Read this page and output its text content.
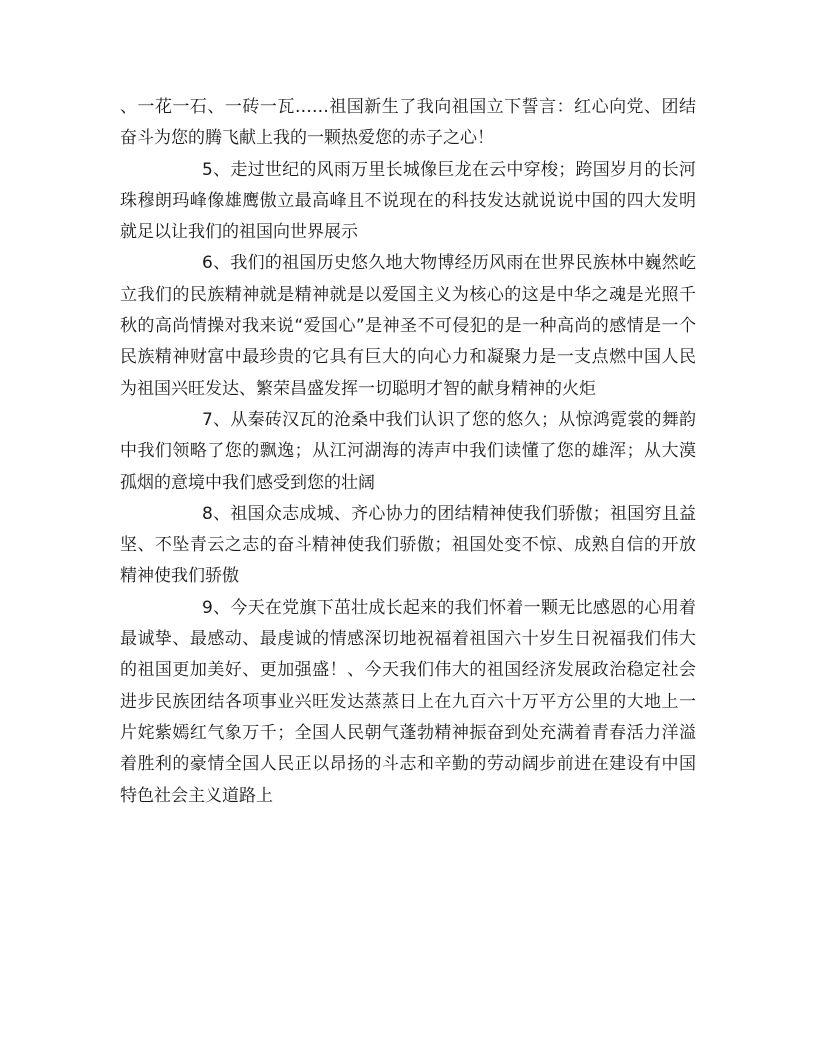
、一花一石、一砖一瓦……祖国新生了我向祖国立下誓言：红心向党、团结奋斗为您的腾飞献上我的一颗热爱您的赤子之心！

5、走过世纪的风雨万里长城像巨龙在云中穿梭；跨国岁月的长河珠穆朗玛峰像雄鹰傲立最高峰且不说现在的科技发达就说说中国的四大发明就足以让我们的祖国向世界展示

6、我们的祖国历史悠久地大物博经历风雨在世界民族林中巍然屹立我们的民族精神就是精神就是以爱国主义为核心的这是中华之魂是光照千秋的高尚情操对我来说“爱国心”是神圣不可侵犯的是一种高尚的感情是一个民族精神财富中最珍贵的它具有巨大的向心力和凝聚力是一支点燃中国人民为祖国兴旺发达、繁荣昌盛发挥一切聪明才智的献身精神的火炬

7、从秦砖汉瓦的沧桑中我们认识了您的悠久；从惊鸿霓裳的舞韵中我们领略了您的飘逸；从江河湖海的涛声中我们读懂了您的雄浑；从大漠孤烟的意境中我们感受到您的壮阔

8、祖国众志成城、齐心协力的团结精神使我们骄傲；祖国穷且益坚、不坠青云之志的奋斗精神使我们骄傲；祖国处变不惊、成熟自信的开放精神使我们骄傲

9、今天在党旗下茁壮成长起来的我们怀着一颗无比感恩的心用着最诚挚、最感动、最虔诚的情感深切地祝福着祖国六十岁生日祝福我们伟大的祖国更加美好、更加强盛！、今天我们伟大的祖国经济发展政治稳定社会进步民族团结各项事业兴旺发达蒸蒸日上在九百六十万平方公里的大地上一片姹紫嫣红气象万千；全国人民朝气蓬勃精神振奋到处充满着青春活力洋溢着胜利的豪情全国人民正以昂扬的斗志和辛勤的劳动阔步前进在建设有中国特色社会主义道路上
